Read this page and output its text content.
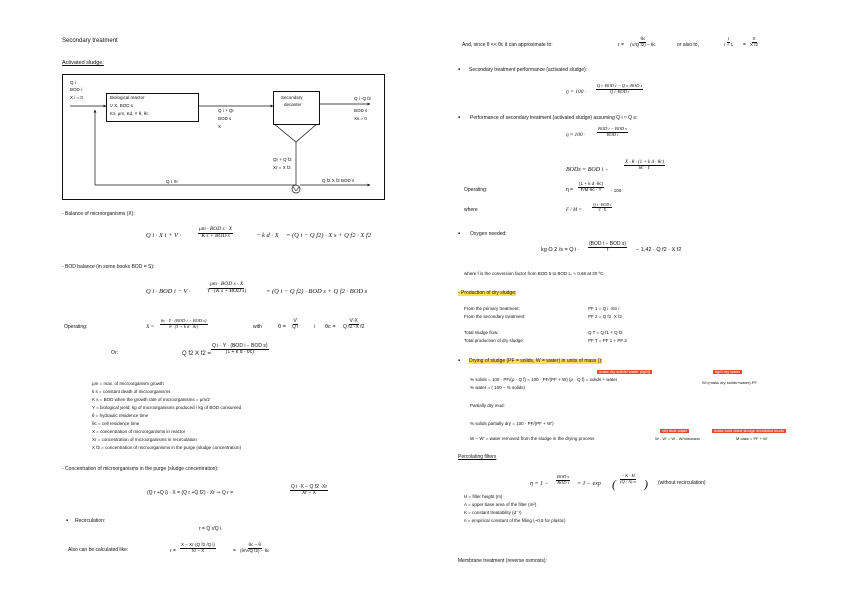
Secondary treatment
Activated sludge:
Q i
BOD i
X i = 0	Biological reactor
V X, BOD s
Ks, μm, Kd, Y θ, θc
Q i + Qr
BOD s
X
Secondary
decanter
Q i -Q f2
BOD s
Xs = 0
Qr + Q f2
Xr = X f2
Q r Xr	Q f2 X f2 BOD s
- Balance of microorganisms (X):
Q i · X i + V ·
μm · BOD s · X
K s + BOD s	− k d · X = (Q i − Q f2) · X s + Q f2 · X f2
- BOD balance (in some books BOD = S):
Q i · BOD i − V ·
μm · BOD s · X
Y · (K s + BOD s)	= (Q i − Q f2) · BOD s + Q f2 · BOD s
Operating:	X =
θc · Y · (BOD i − BOD s)
θ · (1 + k d · θc)	with	$\theta = \frac{V}{\text{Q i}}$	i $\theta c = \frac{V\cdot X}{\text{Q f2 ·X f2}}$
Or:	Q f2 X f2 =
Q i · Y · (BOD i − BOD s)
(1 + k d · θc)
μm = max. of microorganism growth
k s = constant death of microorganisms
K s = BOD when the growth rate of microorganisms = μm/2
Y = biological yield: kg of microorganisms produced / kg of BOD consumed
θ = hydraulic residence time
θc = cell residence time
X = concentration of microorganisms in reactor
Xr = concentration of microorganisms in recirculation
X f2 = concentration of microorganisms in the purge (sludge concentration)
- Concentration of microorganisms in the purge (sludge concentration):
(Q r +Q i) · X = (Q r +Q f2) · Xr ⇒ Q r =	$\frac{\text{Q i ·X − Q f2 ·Xr}}{Xr - X}$
▪ Recirculation:
r = Q r/Q i
Also can be calculated like:	$r = \frac{\text{X − Xr·(Q f2 /Q i)}}{Xr - X}$	= $\frac{\theta c - \theta}{\text{(θ/V/Q f2) − θc}}$
And, since θ << θc it can approximate to:	$r = \frac{\theta c}{\text{(V/Q f2) − θc}}$	or also to,	$\frac{r}{r + 1} = \frac{X}{\text{X f2}}$
▪ Secondary treatment performance (activated sludge):
η = 100 ·
Q i ·BOD i − Q s ·BOD s
Q i ·BOD i
▪ Performance of secondary treatment (activated sludge) assuming Q i ≈ Q s:
η ≈ 100 ·
BOD i − BOD s
BOD i
BODs = BOD i −	$\frac{\text{X · θ · (1 + k d · θc)}}{\theta c \cdot Y}$
Operating:	$\eta = \frac{\text{(1 + k d ·θc)}}{F/M\cdot\theta c \cdot Y} \cdot 100$
where	F / M =
Q i · BOD i
V · X
▪ Oxygen needed:
kg O 2 /s = Q i ·
(BOD i − BOD s)
f	− 1,42 · Q f2 · X f2
where f is the conversion factor from BOD 5 to BOD L, ≈ 0,68 at 20 ºC.
- Production of dry sludge:
From the primary treatment:	PF 1 = Q i ·SS i
From the secondary treatment:	PF 2 = Q f2 ·X f2
Total sludge flow:	Q T = Q f1 + Q f2
Total production of dry sludge:	PF T = PF 1 + PF 2
▪ Drying of sludge (PF = solids, W = water) in units of mass ():
mass dry solids+water (kg/d)	kg/d dry water
% solids = 100 · PF/(ρ · Q f) = 100 · PF/(PF + W) (ρ · Q f) = solids + water
% water = ( 100 − % solids)
W=(mass dry solids+water)-PF
Partially dry mud:
% solids partially dry = 100 · PF/(PF + W')
red dust water	mass hold dried sludge shredded mudo
W − W' = water removed from the sludge in the drying process	W - W' = W - W/mismado	M cake = PF + W'
Percolating filters
η = 1 −
BOD s
BOD i = 1 − exp ( $\frac{- K \cdot H}{(Q / A) n}$ ) (without recirculation)
H = filter height (m)
A = upper base area of the filter (m²)
K = constant treatability (d⁻¹)
n = empirical constant of the filling (~0,5 for plastic)
Membrane treatment (reverse osmosis):
